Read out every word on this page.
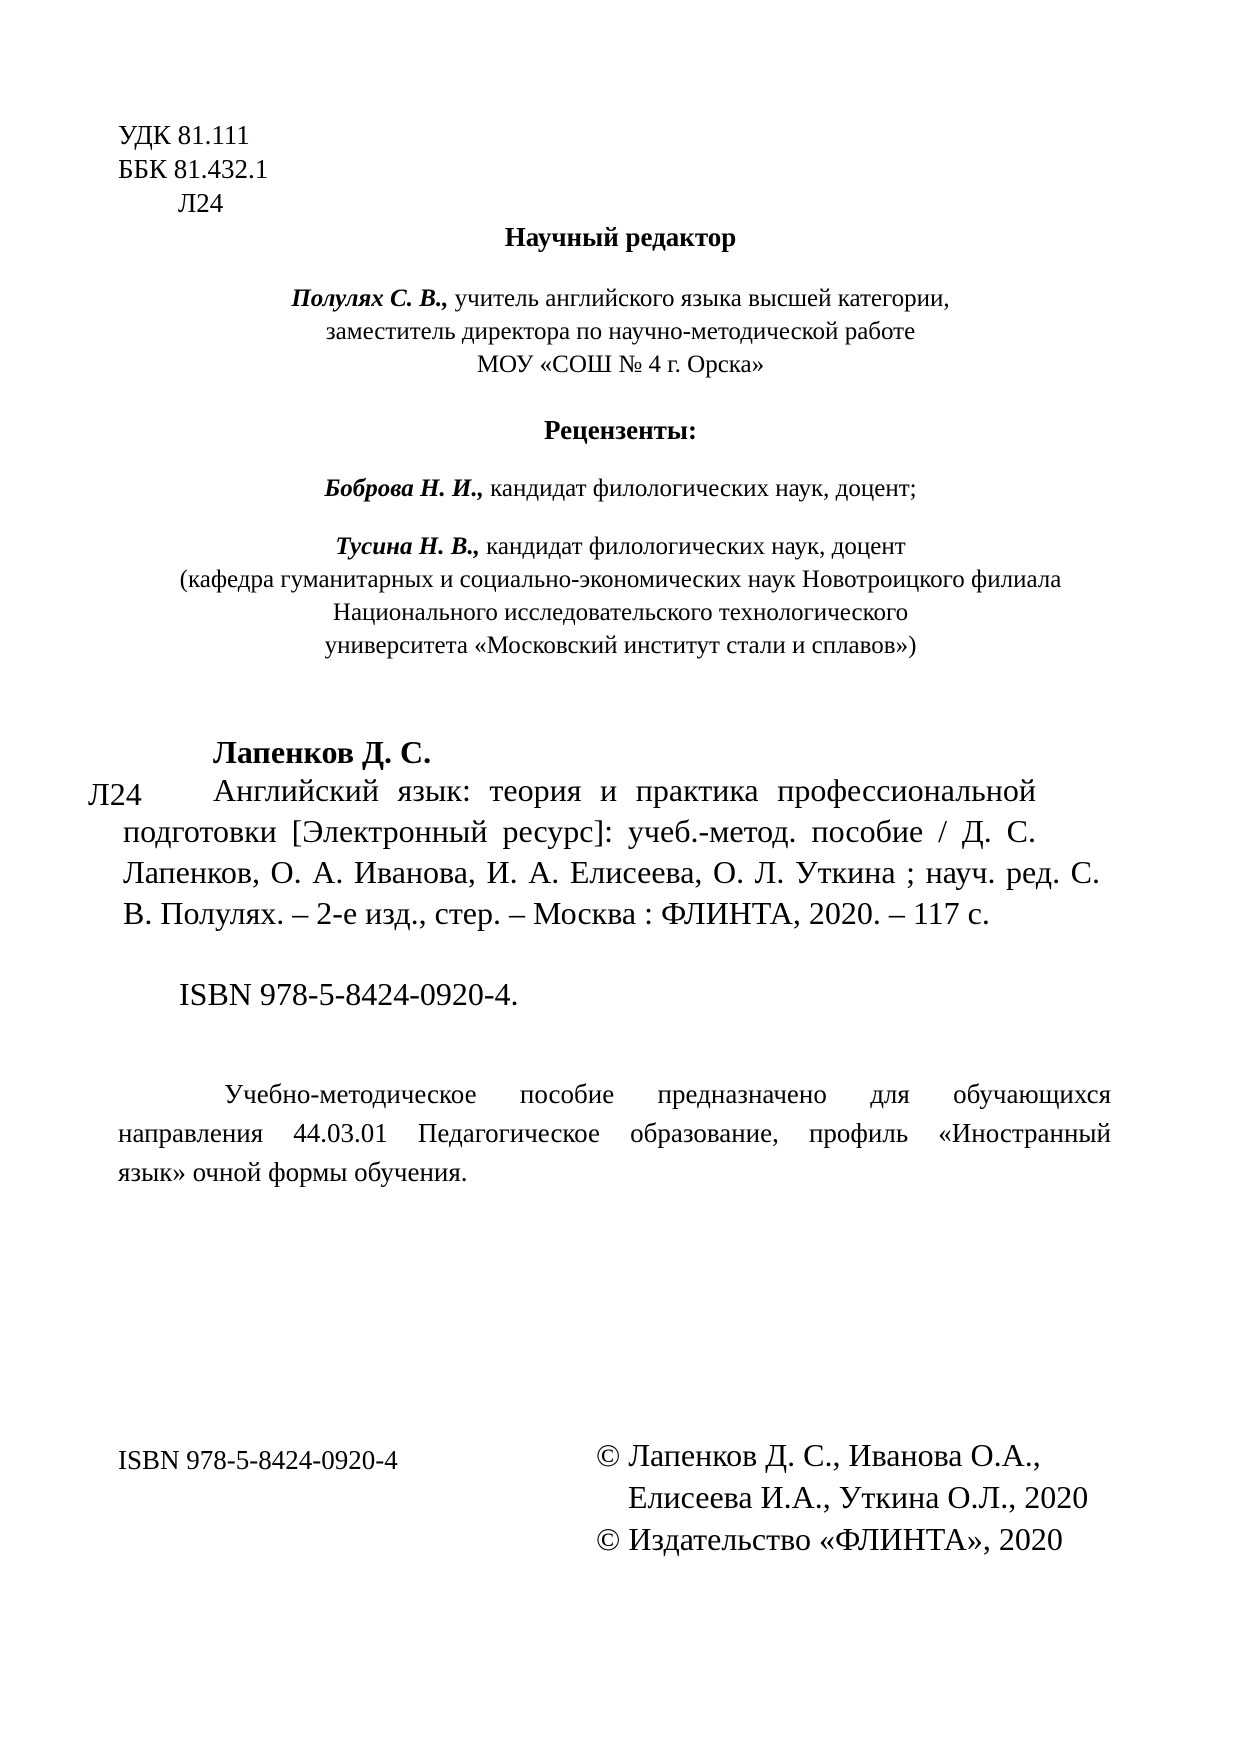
УДК 81.111
ББК 81.432.1
Л24
Научный редактор
Полулях С. В., учитель английского языка высшей категории,
заместитель директора по научно-методической работе
МОУ «СОШ № 4 г. Орска»
Рецензенты:
Боброва Н. И., кандидат филологических наук, доцент;
Тусина Н. В., кандидат филологических наук, доцент
(кафедра гуманитарных и социально-экономических наук Новотроицкого филиала
Национального исследовательского технологического
университета «Московский институт стали и сплавов»)
Лапенков Д. С.
Л24 Английский язык: теория и практика профессиональной
подготовки [Электронный ресурс]: учеб.-метод. пособие / Д. С.
Лапенков, О. А. Иванова, И. А. Елисеева, О. Л. Уткина ; науч. ред. С.
В. Полулях. – 2-е изд., стер. – Москва : ФЛИНТА, 2020. – 117 с.
ISBN 978-5-8424-0920-4.
Учебно-методическое пособие предназначено для обучающихся
направления 44.03.01 Педагогическое образование, профиль «Иностранный
язык» очной формы обучения.
ISBN 978-5-8424-0920-4	© Лапенков Д. С., Иванова О.А.,
Елисеева И.А., Уткина О.Л., 2020
© Издательство «ФЛИНТА», 2020
